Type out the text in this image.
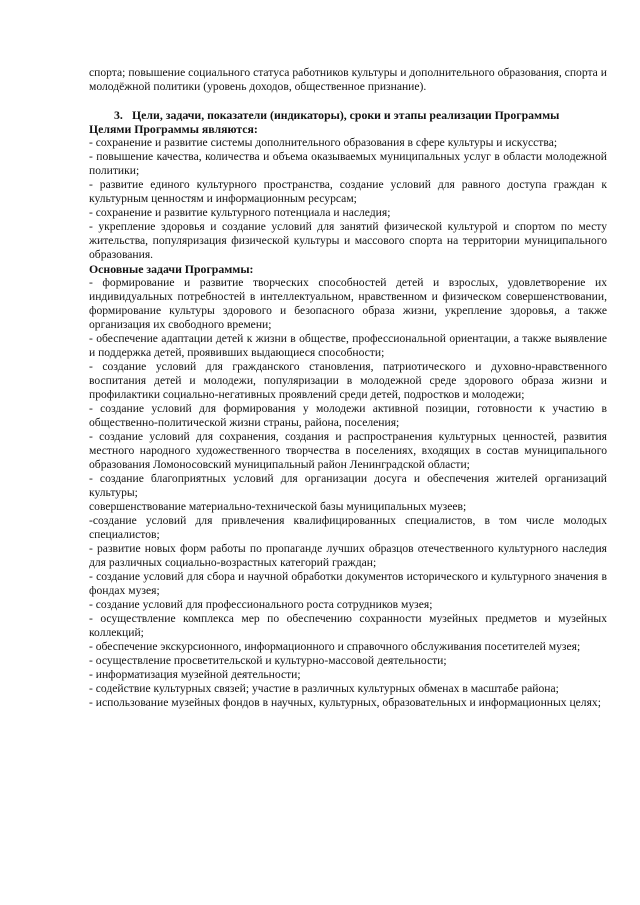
спорта; повышение социального статуса работников культуры и дополнительного образования, спорта и молодёжной политики (уровень доходов, общественное признание).

3. Цели, задачи, показатели (индикаторы), сроки и этапы реализации Программы

Целями Программы являются:

- сохранение и развитие системы дополнительного образования в сфере культуры и искусства;

- повышение качества, количества и объема оказываемых муниципальных услуг в области молодежной политики;

- развитие единого культурного пространства, создание условий для равного доступа граждан к культурным ценностям и информационным ресурсам;

- сохранение и развитие культурного потенциала и наследия;

- укрепление здоровья и создание условий для занятий физической культурой и спортом по месту жительства, популяризация физической культуры и массового спорта на территории муниципального образования.

Основные задачи Программы:

- формирование и развитие творческих способностей детей и взрослых, удовлетворение их индивидуальных потребностей в интеллектуальном, нравственном и физическом совершенствовании, формирование культуры здорового и безопасного образа жизни, укрепление здоровья, а также организация их свободного времени;

- обеспечение адаптации детей к жизни в обществе, профессиональной ориентации, а также выявление и поддержка детей, проявивших выдающиеся способности;

- создание условий для гражданского становления, патриотического и духовно-нравственного воспитания детей и молодежи, популяризации в молодежной среде здорового образа жизни и профилактики социально-негативных проявлений среди детей, подростков и молодежи;

- создание условий для формирования у молодежи активной позиции, готовности к участию в общественно-политической жизни страны, района, поселения;

- создание условий для сохранения, создания и распространения культурных ценностей, развития местного народного художественного творчества в поселениях, входящих в состав муниципального образования Ломоносовский муниципальный район Ленинградской области;

- создание благоприятных условий для организации досуга и обеспечения жителей организаций культуры;

совершенствование материально-технической базы муниципальных музеев;

-создание условий для привлечения квалифицированных специалистов, в том числе молодых специалистов;

- развитие новых форм работы по пропаганде лучших образцов отечественного культурного наследия для различных социально-возрастных категорий граждан;

- создание условий для сбора и научной обработки документов исторического и культурного значения в фондах музея;

- создание условий для профессионального роста сотрудников музея;

- осуществление комплекса мер по обеспечению сохранности музейных предметов и музейных коллекций;

- обеспечение экскурсионного, информационного и справочного обслуживания посетителей музея;

- осуществление просветительской и культурно-массовой деятельности;

- информатизация музейной деятельности;

- содействие культурных связей; участие в различных культурных обменах в масштабе района;

- использование музейных фондов в научных, культурных, образовательных и информационных целях;
